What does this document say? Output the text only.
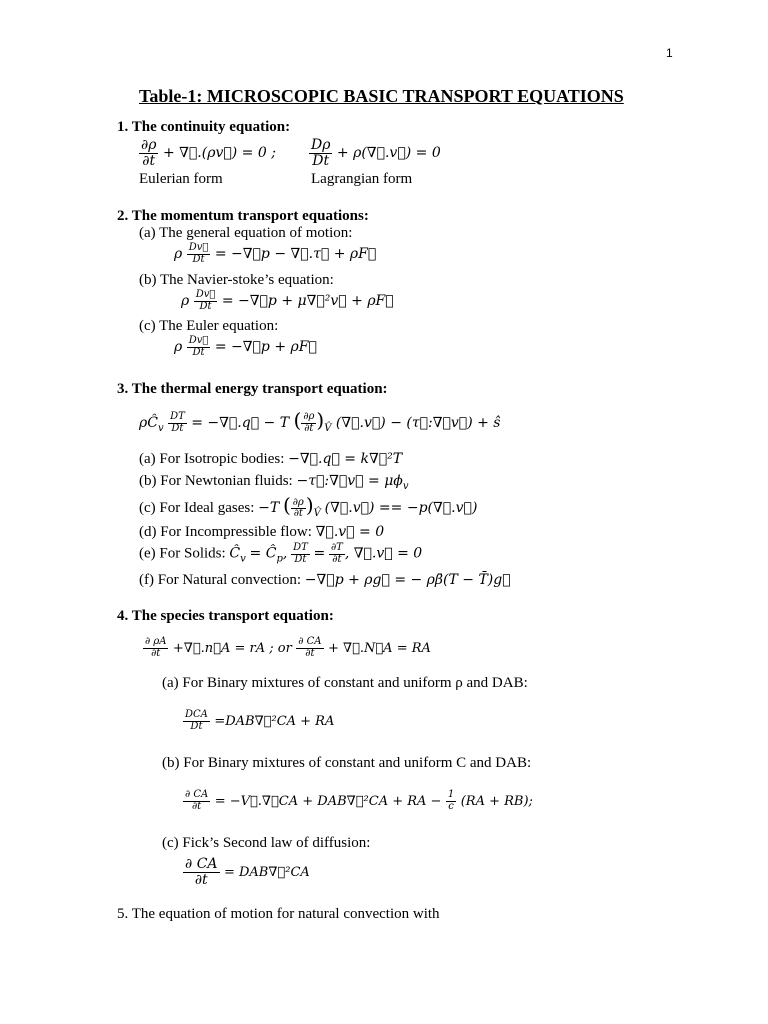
1
Table-1: MICROSCOPIC BASIC TRANSPORT EQUATIONS
1. The continuity equation:
$\frac{\partial\rho}{\partial t}$ + ∇⃗.(ρv⃗) = 0 ; $\frac{D\rho}{Dt}$ + ρ(∇⃗.v⃗) = 0
Eulerian form	Lagrangian form
2. The momentum transport equations:
(a) The general equation of motion:
ρ $\frac{Dv⃗}{Dt}$ = −∇⃗p − ∇⃗.τ⃗ + ρF⃗
(b) The Navier-stoke’s equation:
ρ $\frac{Dv⃗}{Dt}$ = −∇⃗p + μ∇⃗²v⃗ + ρF⃗
(c) The Euler equation:
ρ $\frac{Dv⃗}{Dt}$ = −∇⃗p + ρF⃗
3. The thermal energy transport equation:
$\rho Ĉ_v \frac{DT}{Dt}$ = −∇⃗.q⃗ − T ( $\frac{\partial\rho}{\partial t} )_{V̂}$ (∇⃗.v⃗) − (τ⃡:∇⃗v⃗) + ŝ
(a) For Isotropic bodies: −∇⃗.q⃗ = k∇⃗²T
(b) For Newtonian fluids: −τ⃡:∇⃗v⃗ = $\mu\phi_v$
(c) For Ideal gases: −T ( $\frac{\partial\rho}{\partial t} )_{V̂}$ (∇⃗.v⃗) == −p(∇⃗.v⃗)
(d) For Incompressible flow: ∇⃗.v⃗ = 0
(e) For Solids: $Ĉ_v$ = $Ĉ_p$, $\frac{DT}{Dt} = \frac{\partial T}{\partial t}$ , ∇⃗.v⃗ = 0
(f) For Natural convection: −∇⃗p + ρg⃗ = − ρβ̄(T − T̄)g⃗
4. The species transport equation:
$\frac{\partial \rho A}{\partial t}$ +∇⃗.n⃗A = rA ; or $\frac{\partial CA}{\partial t}$ + ∇⃗.N⃗A = RA
(a) For Binary mixtures of constant and uniform ρ and DAB:
$\frac{\text{DCA}}{Dt}$ =DAB∇⃗²CA + RA
(b) For Binary mixtures of constant and uniform C and DAB:
$\frac{\partial CA}{\partial t}$ = −V⃗.∇⃗CA + DAB∇⃗²CA + RA − $\frac{1}{c} (RA + RB)$;
(c) Fick’s Second law of diffusion:
$\frac{\partial CA}{\partial t}$ = DAB∇⃗²CA
5. The equation of motion for natural convection with
